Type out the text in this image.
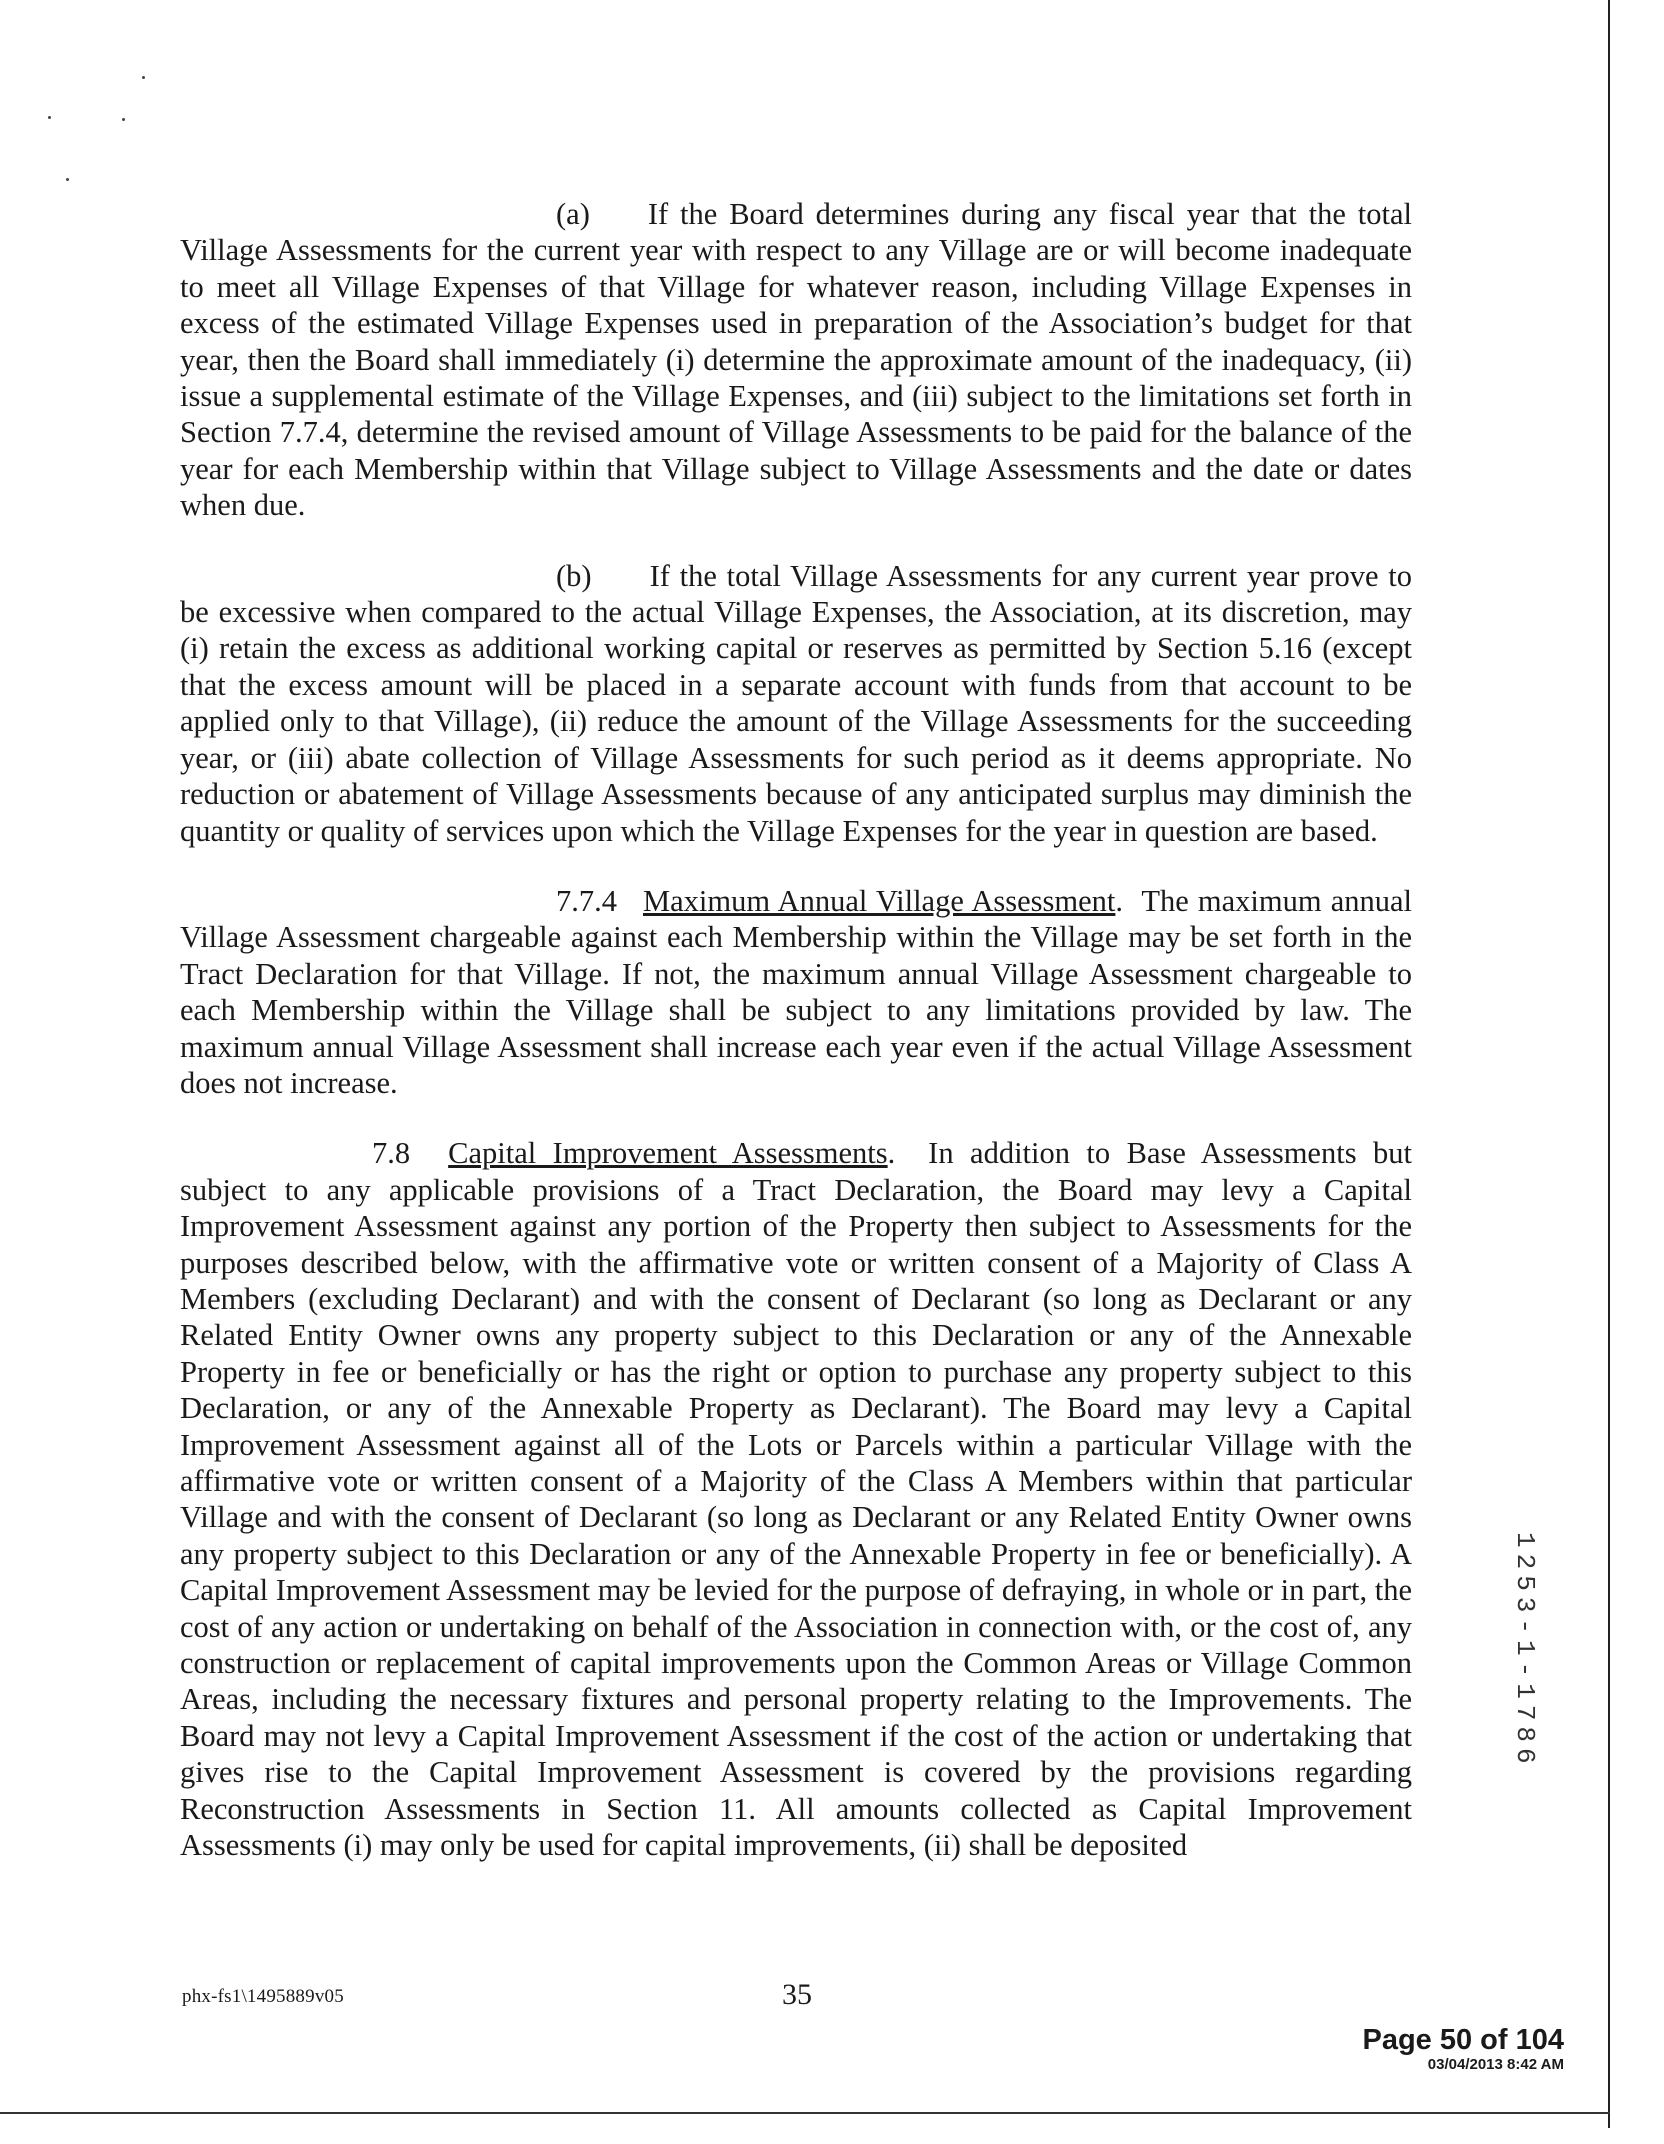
(a) If the Board determines during any fiscal year that the total Village Assessments for the current year with respect to any Village are or will become inadequate to meet all Village Expenses of that Village for whatever reason, including Village Expenses in excess of the estimated Village Expenses used in preparation of the Association’s budget for that year, then the Board shall immediately (i) determine the approximate amount of the inadequacy, (ii) issue a supplemental estimate of the Village Expenses, and (iii) subject to the limitations set forth in Section 7.7.4, determine the revised amount of Village Assessments to be paid for the balance of the year for each Membership within that Village subject to Village Assessments and the date or dates when due.

(b) If the total Village Assessments for any current year prove to be excessive when compared to the actual Village Expenses, the Association, at its discretion, may (i) retain the excess as additional working capital or reserves as permitted by Section 5.16 (except that the excess amount will be placed in a separate account with funds from that account to be applied only to that Village), (ii) reduce the amount of the Village Assessments for the succeeding year, or (iii) abate collection of Village Assessments for such period as it deems appropriate. No reduction or abatement of Village Assessments because of any anticipated surplus may diminish the quantity or quality of services upon which the Village Expenses for the year in question are based.

7.7.4 Maximum Annual Village Assessment.  The maximum annual Village Assessment chargeable against each Membership within the Village may be set forth in the Tract Declaration for that Village. If not, the maximum annual Village Assessment chargeable to each Membership within the Village shall be subject to any limitations provided by law. The maximum annual Village Assessment shall increase each year even if the actual Village Assessment does not increase.

7.8 Capital Improvement Assessments.  In addition to Base Assessments but subject to any applicable provisions of a Tract Declaration, the Board may levy a Capital Improvement Assessment against any portion of the Property then subject to Assessments for the purposes described below, with the affirmative vote or written consent of a Majority of Class A Members (excluding Declarant) and with the consent of Declarant (so long as Declarant or any Related Entity Owner owns any property subject to this Declaration or any of the Annexable Property in fee or beneficially or has the right or option to purchase any property subject to this Declaration, or any of the Annexable Property as Declarant). The Board may levy a Capital Improvement Assessment against all of the Lots or Parcels within a particular Village with the affirmative vote or written consent of a Majority of the Class A Members within that particular Village and with the consent of Declarant (so long as Declarant or any Related Entity Owner owns any property subject to this Declaration or any of the Annexable Property in fee or beneficially). A Capital Improvement Assessment may be levied for the purpose of defraying, in whole or in part, the cost of any action or undertaking on behalf of the Association in connection with, or the cost of, any construction or replacement of capital improvements upon the Common Areas or Village Common Areas, including the necessary fixtures and personal property relating to the Improvements. The Board may not levy a Capital Improvement Assessment if the cost of the action or undertaking that gives rise to the Capital Improvement Assessment is covered by the provisions regarding Reconstruction Assessments in Section 11. All amounts collected as Capital Improvement Assessments (i) may only be used for capital improvements, (ii) shall be deposited

1253-1-1786
phx-fs1\1495889v05	35
Page 50 of 104
03/04/2013 8:42 AM
